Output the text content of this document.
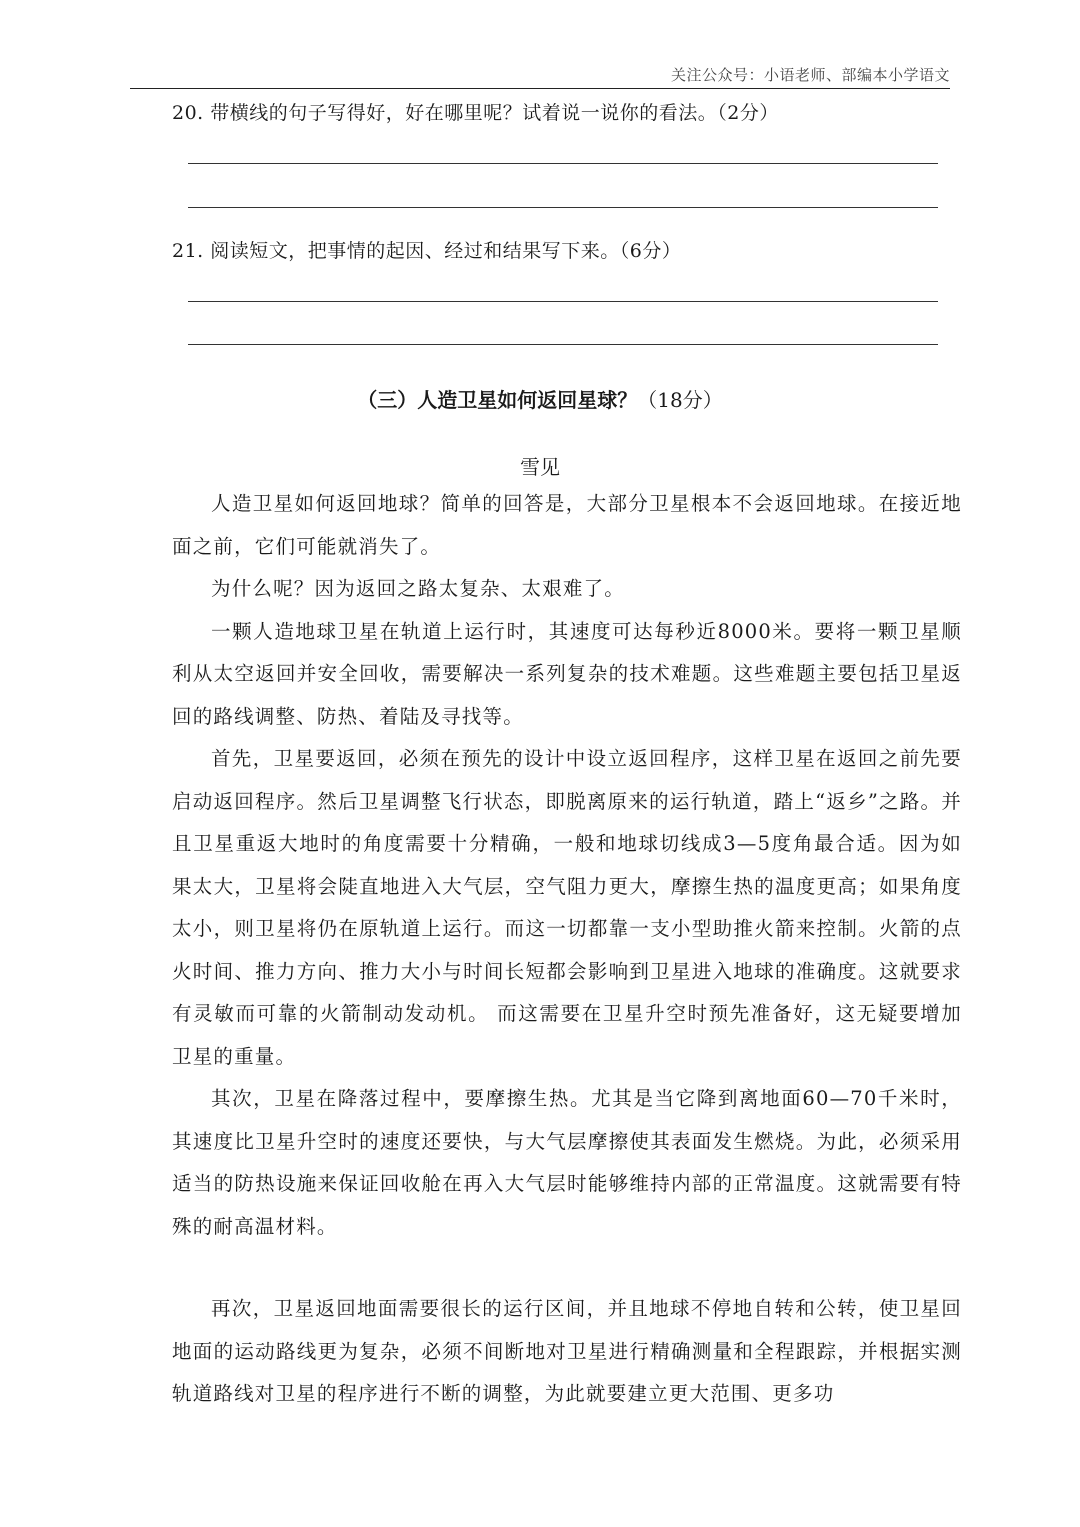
关注公众号：小语老师、部编本小学语文
20. 带横线的句子写得好，好在哪里呢？试着说一说你的看法。（2分）
21. 阅读短文，把事情的起因、经过和结果写下来。（6分）
（三）人造卫星如何返回星球？（18分）
雪见

人造卫星如何返回地球？简单的回答是，大部分卫星根本不会返回地球。在接近地面之前，它们可能就消失了。

为什么呢？因为返回之路太复杂、太艰难了。

一颗人造地球卫星在轨道上运行时，其速度可达每秒近8000米。要将一颗卫星顺利从太空返回并安全回收，需要解决一系列复杂的技术难题。这些难题主要包括卫星返回的路线调整、防热、着陆及寻找等。

首先，卫星要返回，必须在预先的设计中设立返回程序，这样卫星在返回之前先要启动返回程序。然后卫星调整飞行状态，即脱离原来的运行轨道，踏上“返乡”之路。并且卫星重返大地时的角度需要十分精确，一般和地球切线成3—5度角最合适。因为如果太大，卫星将会陡直地进入大气层，空气阻力更大，摩擦生热的温度更高；如果角度太小，则卫星将仍在原轨道上运行。而这一切都靠一支小型助推火箭来控制。火箭的点火时间、推力方向、推力大小与时间长短都会影响到卫星进入地球的准确度。这就要求有灵敏而可靠的火箭制动发动机。 而这需要在卫星升空时预先准备好，这无疑要增加卫星的重量。

其次，卫星在降落过程中，要摩擦生热。尤其是当它降到离地面60—70千米时，其速度比卫星升空时的速度还要快，与大气层摩擦使其表面发生燃烧。为此，必须采用适当的防热设施来保证回收舱在再入大气层时能够维持内部的正常温度。这就需要有特殊的耐高温材料。

再次，卫星返回地面需要很长的运行区间，并且地球不停地自转和公转，使卫星回地面的运动路线更为复杂，必须不间断地对卫星进行精确测量和全程跟踪，并根据实测轨道路线对卫星的程序进行不断的调整，为此就要建立更大范围、更多功
